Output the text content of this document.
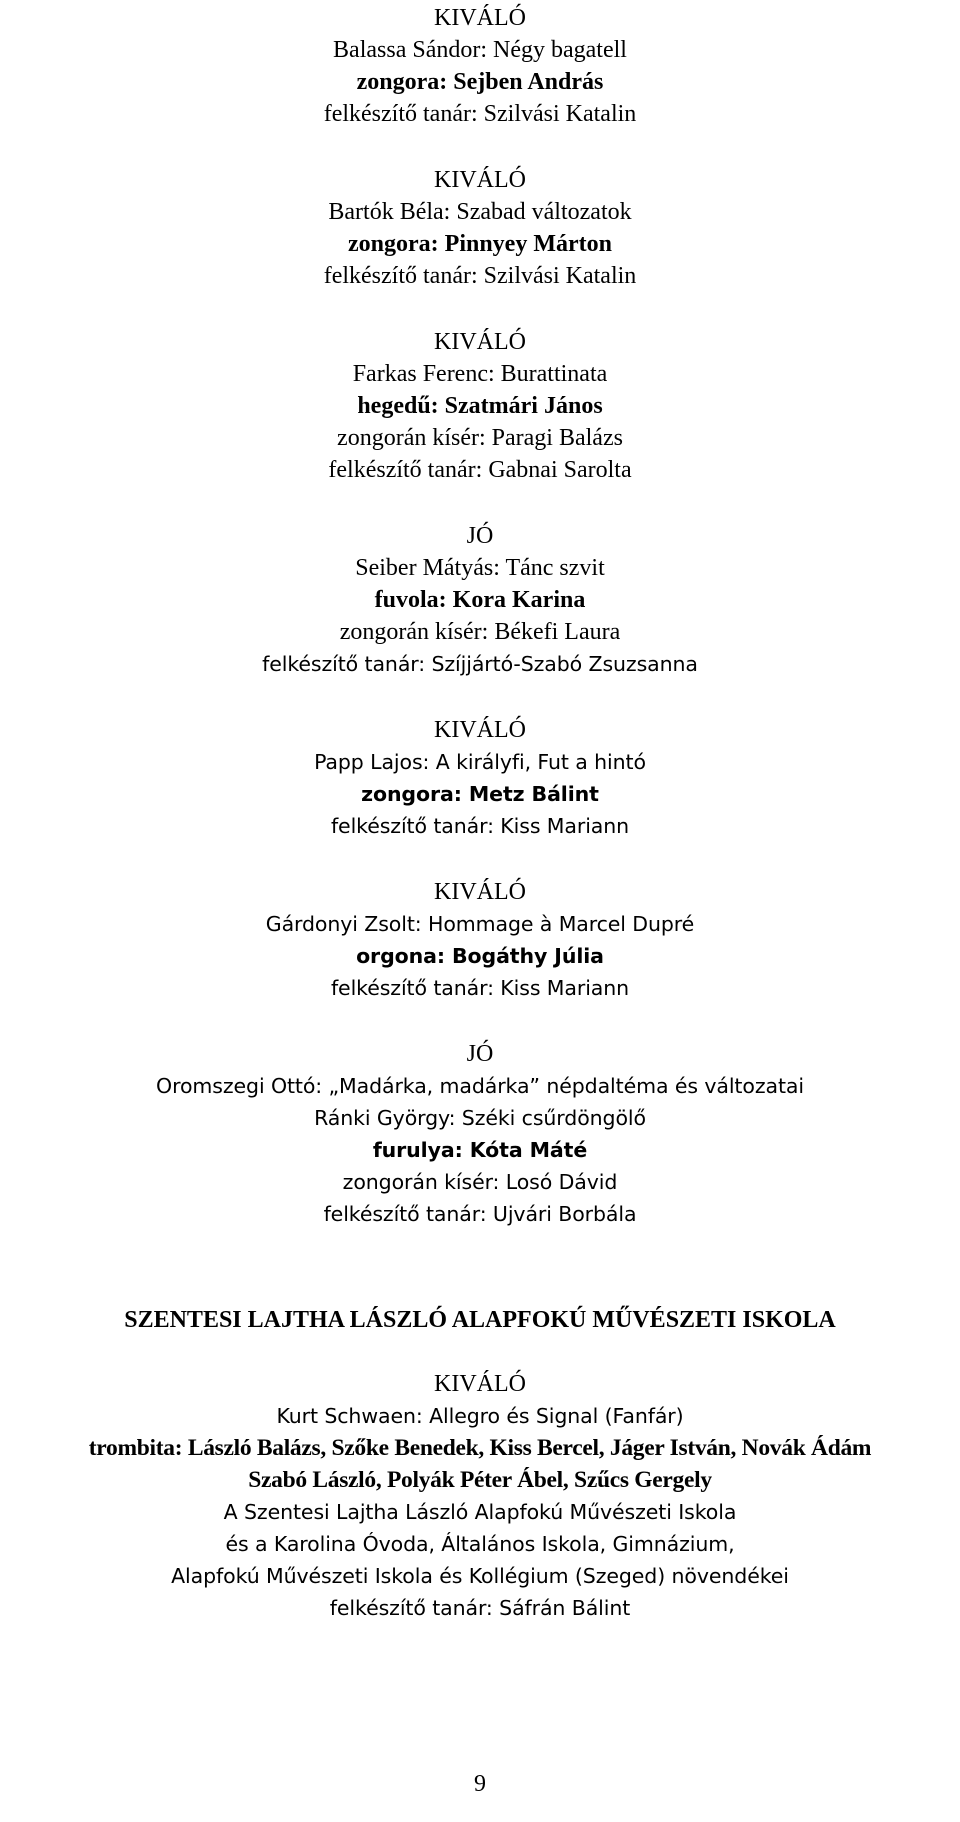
KIVÁLÓ
Balassa Sándor: Négy bagatell
zongora: Sejben András
felkészítő tanár: Szilvási Katalin
KIVÁLÓ
Bartók Béla: Szabad változatok
zongora: Pinnyey Márton
felkészítő tanár: Szilvási Katalin
KIVÁLÓ
Farkas Ferenc: Burattinata
hegedű: Szatmári János
zongorán kísér: Paragi Balázs
felkészítő tanár: Gabnai Sarolta
JÓ
Seiber Mátyás: Tánc szvit
fuvola: Kora Karina
zongorán kísér: Békefi Laura
felkészítő tanár: Szíjjártó-Szabó Zsuzsanna
KIVÁLÓ
Papp Lajos: A királyfi, Fut a hintó
zongora: Metz Bálint
felkészítő tanár: Kiss Mariann
KIVÁLÓ
Gárdonyi Zsolt: Hommage à Marcel Dupré
orgona: Bogáthy Júlia
felkészítő tanár: Kiss Mariann
JÓ
Oromszegi Ottó: „Madárka, madárka” népdaltéma és változatai
Ránki György: Széki csűrdöngölő
furulya: Kóta Máté
zongorán kísér: Losó Dávid
felkészítő tanár: Ujvári Borbála
SZENTESI LAJTHA LÁSZLÓ ALAPFOKÚ MŰVÉSZETI ISKOLA
KIVÁLÓ
Kurt Schwaen: Allegro és Signal (Fanfár)
trombita: László Balázs, Szőke Benedek, Kiss Bercel, Jáger István, Novák Ádám
Szabó László, Polyák Péter Ábel, Szűcs Gergely
A Szentesi Lajtha László Alapfokú Művészeti Iskola
és a Karolina Óvoda, Általános Iskola, Gimnázium,
Alapfokú Művészeti Iskola és Kollégium (Szeged) növendékei
felkészítő tanár: Sáfrán Bálint
9
